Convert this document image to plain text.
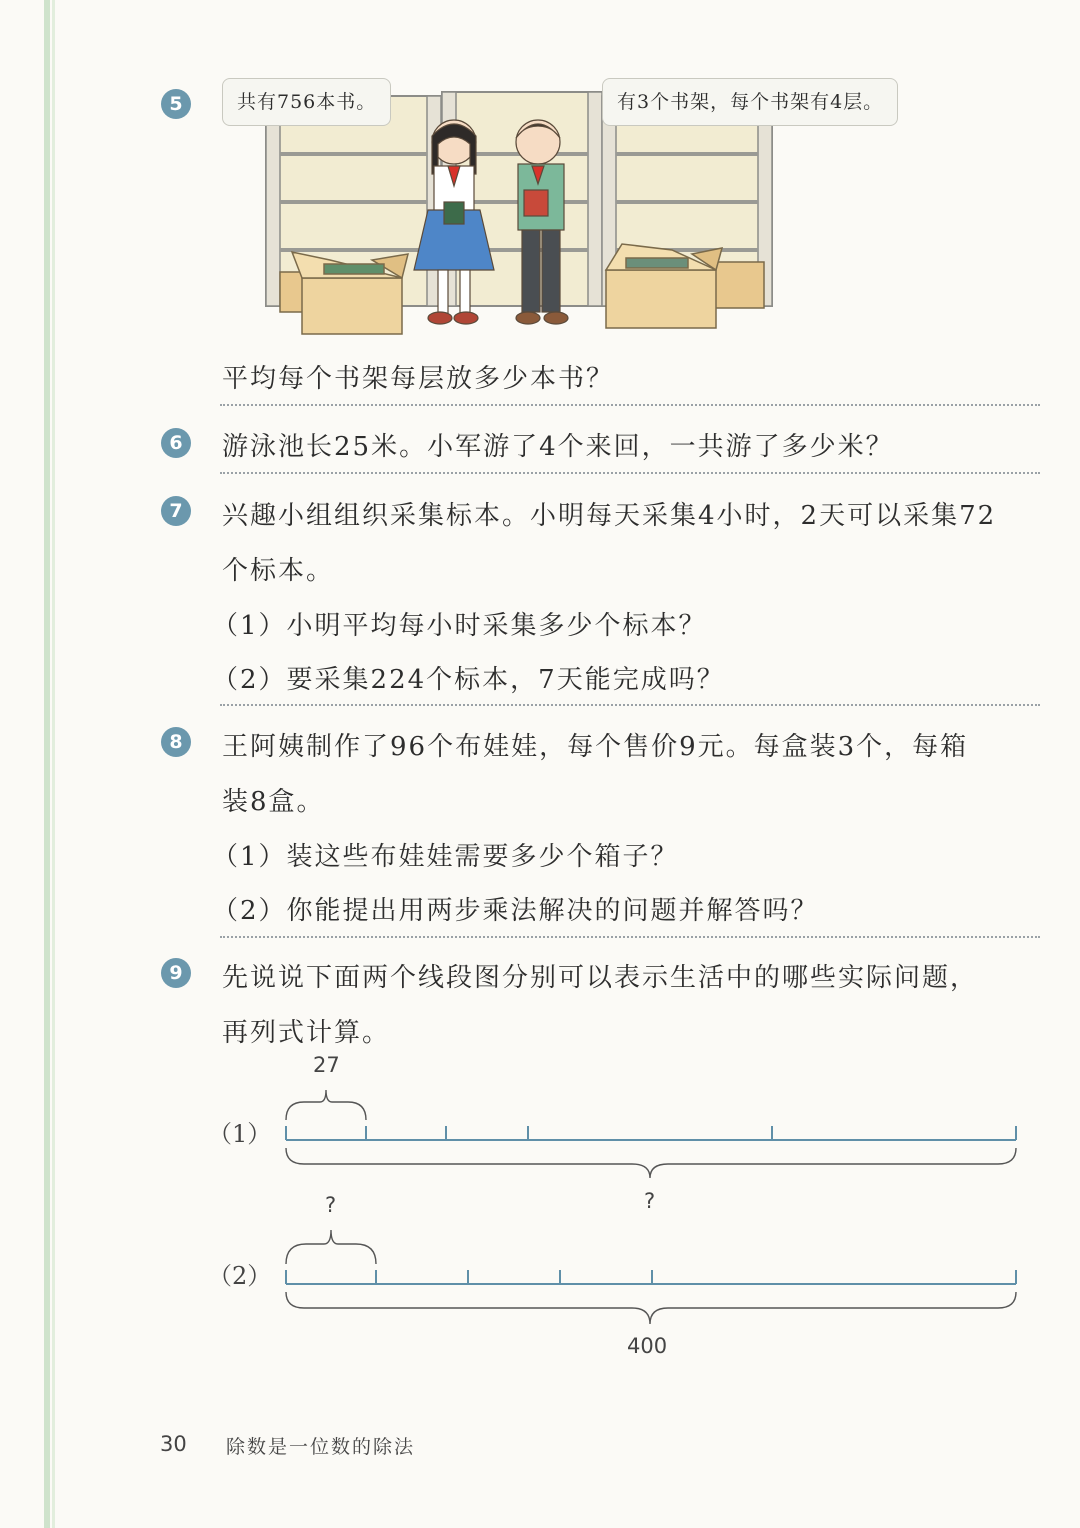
5	共有756本书。	有3个书架，每个书架有4层。
平均每个书架每层放多少本书？
6	游泳池长25米。小军游了4个来回，一共游了多少米？
7	兴趣小组组织采集标本。小明每天采集4小时，2天可以采集72
个标本。
（1）小明平均每小时采集多少个标本？
（2）要采集224个标本，7天能完成吗？
8	王阿姨制作了96个布娃娃，每个售价9元。每盒装3个，每箱
装8盒。
（1）装这些布娃娃需要多少个箱子？
（2）你能提出用两步乘法解决的问题并解答吗？
9	先说说下面两个线段图分别可以表示生活中的哪些实际问题，
再列式计算。
（1）
27
?
（2）
?
400
30 除数是一位数的除法
